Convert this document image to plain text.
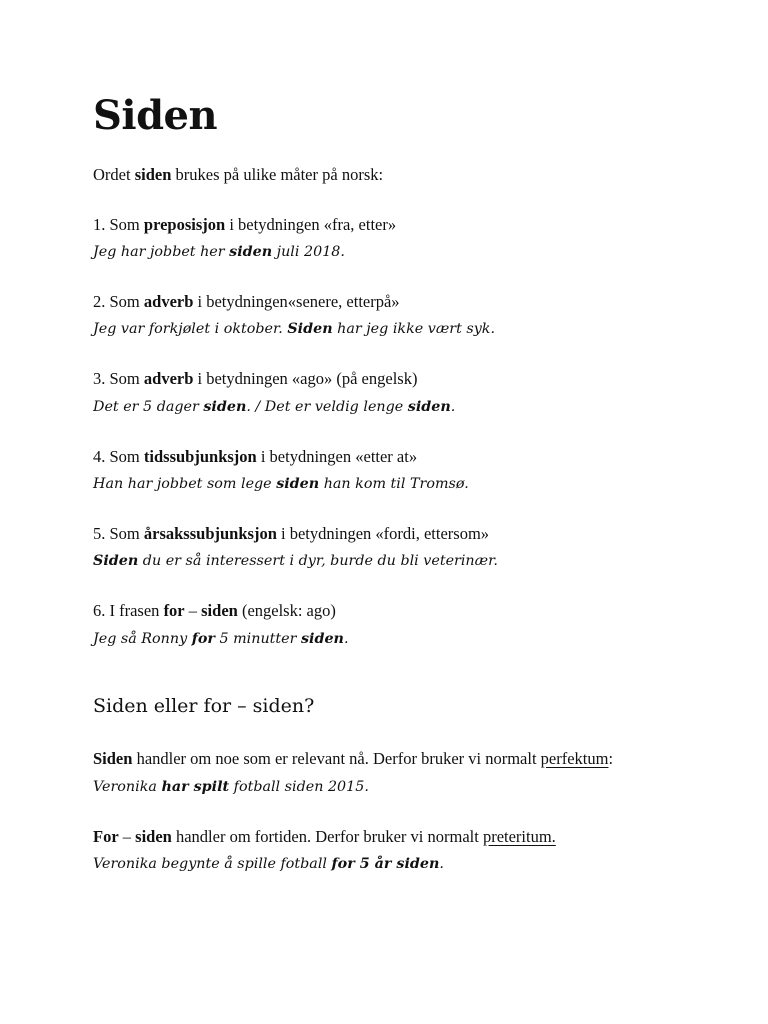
Siden

Ordet siden brukes på ulike måter på norsk:

1. Som preposisjon i betydningen «fra, etter»

Jeg har jobbet her siden juli 2018.

2. Som adverb i betydningen«senere, etterpå»

Jeg var forkjølet i oktober. Siden har jeg ikke vært syk.

3. Som adverb i betydningen «ago» (på engelsk)

Det er 5 dager siden. / Det er veldig lenge siden.

4. Som tidssubjunksjon i betydningen «etter at»

Han har jobbet som lege siden han kom til Tromsø.

5. Som årsakssubjunksjon i betydningen «fordi, ettersom»

Siden du er så interessert i dyr, burde du bli veterinær.

6. I frasen for – siden (engelsk: ago)

Jeg så Ronny for 5 minutter siden.

Siden eller for – siden?

Siden handler om noe som er relevant nå. Derfor bruker vi normalt perfektum:

Veronika har spilt fotball siden 2015.

For – siden handler om fortiden. Derfor bruker vi normalt preteritum.

Veronika begynte å spille fotball for 5 år siden.
